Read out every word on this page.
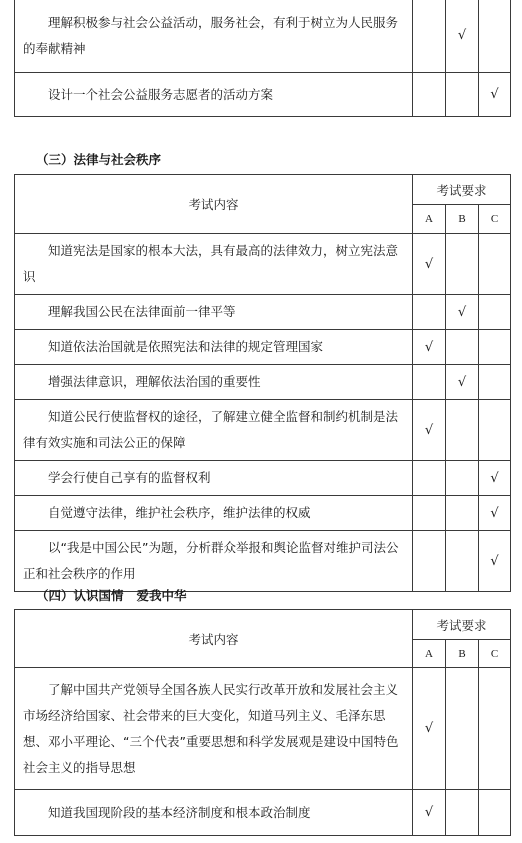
理解积极参与社会公益活动，服务社会，有利于树立为人民服务的奉献精神		√	
设计一个社会公益服务志愿者的活动方案			√
（三）法律与社会秩序
考试内容	考试要求		
	A	B	C
知道宪法是国家的根本大法，具有最高的法律效力，树立宪法意识	√		
理解我国公民在法律面前一律平等		√	
知道依法治国就是依照宪法和法律的规定管理国家	√		
增强法律意识，理解依法治国的重要性		√	
知道公民行使监督权的途径，了解建立健全监督和制约机制是法律有效实施和司法公正的保障	√		
学会行使自己享有的监督权利			√
自觉遵守法律，维护社会秩序，维护法律的权威			√
以“我是中国公民”为题，分析群众举报和舆论监督对维护司法公正和社会秩序的作用			√
（四）认识国情   爱我中华
考试内容	考试要求		
	A	B	C
了解中国共产党领导全国各族人民实行改革开放和发展社会主义市场经济给国家、社会带来的巨大变化，知道马列主义、毛泽东思想、邓小平理论、“三个代表”重要思想和科学发展观是建设中国特色社会主义的指导思想	√		
知道我国现阶段的基本经济制度和根本政治制度	√		
